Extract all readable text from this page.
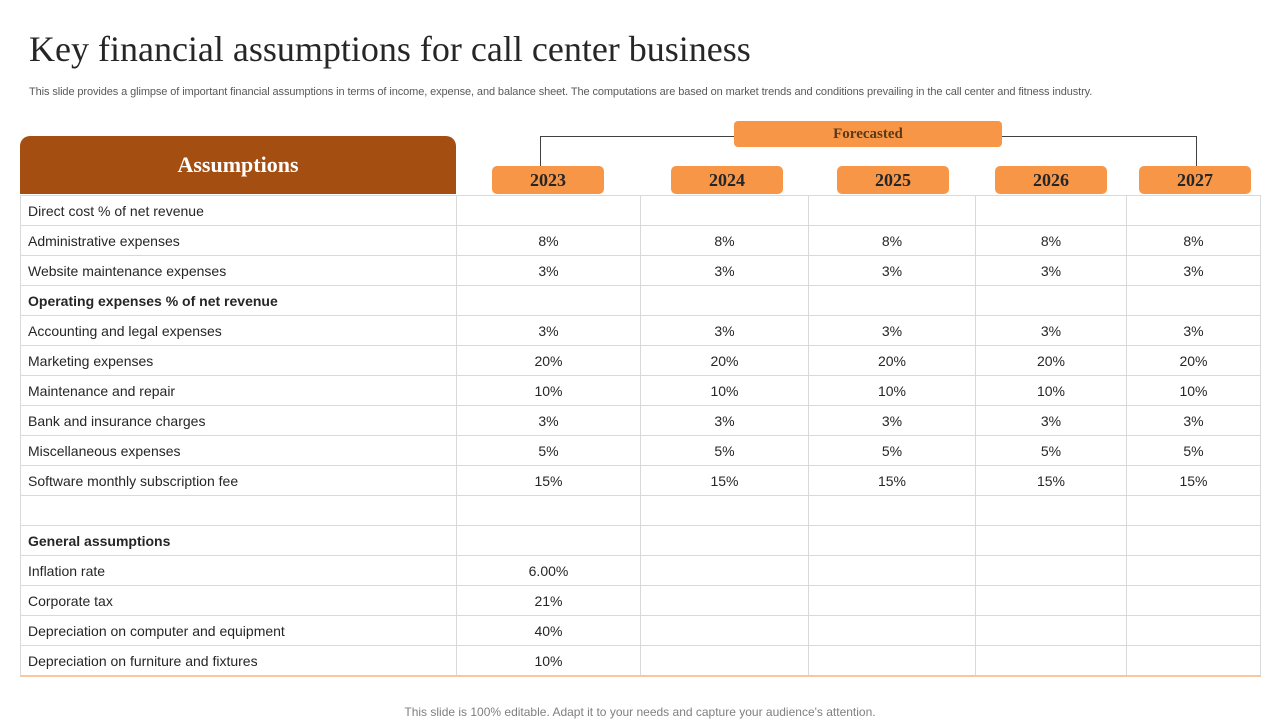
Key financial assumptions for call center business
This slide provides a glimpse of important financial assumptions in terms of income, expense, and balance sheet. The computations are based on market trends and conditions prevailing in the call center and fitness industry.
Assumptions
Forecasted
2023	2024	2025	2026	2027
Direct cost % of net revenue					
Administrative expenses	8%	8%	8%	8%	8%
Website maintenance expenses	3%	3%	3%	3%	3%
Operating expenses % of net revenue					
Accounting and legal expenses	3%	3%	3%	3%	3%
Marketing expenses	20%	20%	20%	20%	20%
Maintenance and repair	10%	10%	10%	10%	10%
Bank and insurance charges	3%	3%	3%	3%	3%
Miscellaneous expenses	5%	5%	5%	5%	5%
Software monthly subscription fee	15%	15%	15%	15%	15%

General assumptions					
Inflation rate	6.00%				
Corporate tax	21%				
Depreciation on computer and equipment	40%				
Depreciation on furniture and fixtures	10%				
This slide is 100% editable. Adapt it to your needs and capture your audience's attention.
